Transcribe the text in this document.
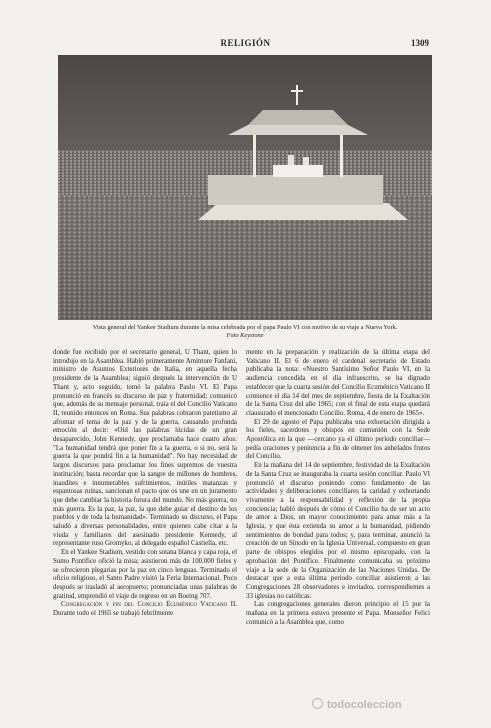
RELIGIÓN	1309
Vista general del Yankee Stadium durante la misa celebrada por el papa Paulo VI con motivo de su viaje a Nueva York.
Foto Keystone

donde fue recibido por el secretario general, U Thant, quien lo introdujo en la Asamblea. Habló primeramente Amintore Fanfani, ministro de Asuntos Exteriores de Italia, en aquella fecha presidente de la Asamblea; siguió después la intervención de U Thant y, acto seguido, tomó la palabra Paulo VI. El Papa pronunció en francés su discurso de paz y fraternidad; comunicó que, además de su mensaje personal, traía el del Concilio Vaticano II, reunido entonces en Roma. Sus palabras cobraron patetismo al afrontar el tema de la paz y de la guerra, causando profunda emoción al decir: «Oíd las palabras lúcidas de un gran desaparecido, John Kennedy, que proclamaba hace cuatro años: "La humanidad tendrá que poner fin a la guerra, o si no, será la guerra la que pondrá fin a la humanidad". No hay necesidad de largos discursos para proclamar los fines supremos de vuestra institución; basta recordar que la sangre de millones de hombres, inaudites e innumerables sufrimientos, inútiles matanzas y espantosas ruinas, sancionan el pacto que os une en un juramento que debe cambiar la historia futura del mundo. No más guerra, no más guerra. Es la paz, la paz, la que debe guiar el destino de los pueblos y de toda la humanidad». Terminado su discurso, el Papa saludó a diversas personalidades, entre quienes cabe citar a la viuda y familiares del asesinado presidente Kennedy, al representante ruso Gromyko, al delegado español Castiella, etc.

En el Yankee Stadium, vestido con sotana blanca y capa roja, el Sumo Pontífice ofició la misa; asistieron más de 100.000 fieles y se ofrecieron plegarias por la paz en cinco lenguas. Terminado el oficio religioso, el Santo Padre visitó la Feria Internacional. Poco después se trasladó al aeropuerto; pronunciadas unas palabras de gratitud, emprendió el viaje de regreso en un Boeing 707.

Congregación y fin del Concilio Ecuménico Vaticano II. Durante todo el 1965 se trabajó febrilmente

mente en la preparación y realización de la última etapa del Vaticano II. El 6 de enero el cardenal secretario de Estado publicaba la nota: «Nuestro Santísimo Señor Paulo VI, en la audiencia concedida en el día infraescrito, se ha dignado establecer que la cuarta sesión del Concilio Ecuménico Vaticano II comience el día 14 del mes de septiembre, fiesta de la Exaltación de la Santa Cruz del año 1965; con el final de esta etapa quedará clausurado el mencionado Concilio. Roma, 4 de enero de 1965».

El 29 de agosto el Papa publicaba una exhortación dirigida a los fieles, sacerdotes y obispos en comunión con la Sede Apostólica en la que —cercano ya el último período conciliar— pedía oraciones y penitencia a fin de obtener los anhelados frutos del Concilio.

En la mañana del 14 de septiembre, festividad de la Exaltación de la Santa Cruz se inauguraba la cuarta sesión conciliar. Paulo VI pronunció el discurso poniendo como fundamento de las actividades y deliberaciones conciliares la caridad y exhortando vivamente a la responsabilidad y reflexión de la propia conciencia; habló después de cómo el Concilio ha de ser un acto de amor a Dios, un mayor conocimiento para amar más a la Iglesia, y que ésta extienda su amor a la humanidad, pidiendo sentimientos de bondad para todos; y, para terminar, anunció la creación de un Sínodo en la Iglesia Universal, compuesto en gran parte de obispos elegidos por el mismo episcopado, con la aprobación del Pontífice. Finalmente comunicaba su próximo viaje a la sede de la Organización de las Naciones Unidas. De destacar que a esta última periodo conciliar asistieron a las Congregaciones 28 observadores e invitados, correspondientes a 33 iglesias no católicas.

Las congregaciones generales dieron principio el 15 por la mañana en la primera estuvo presente el Papa. Monseñor Felici comunicó a la Asamblea que, como

todocoleccion
